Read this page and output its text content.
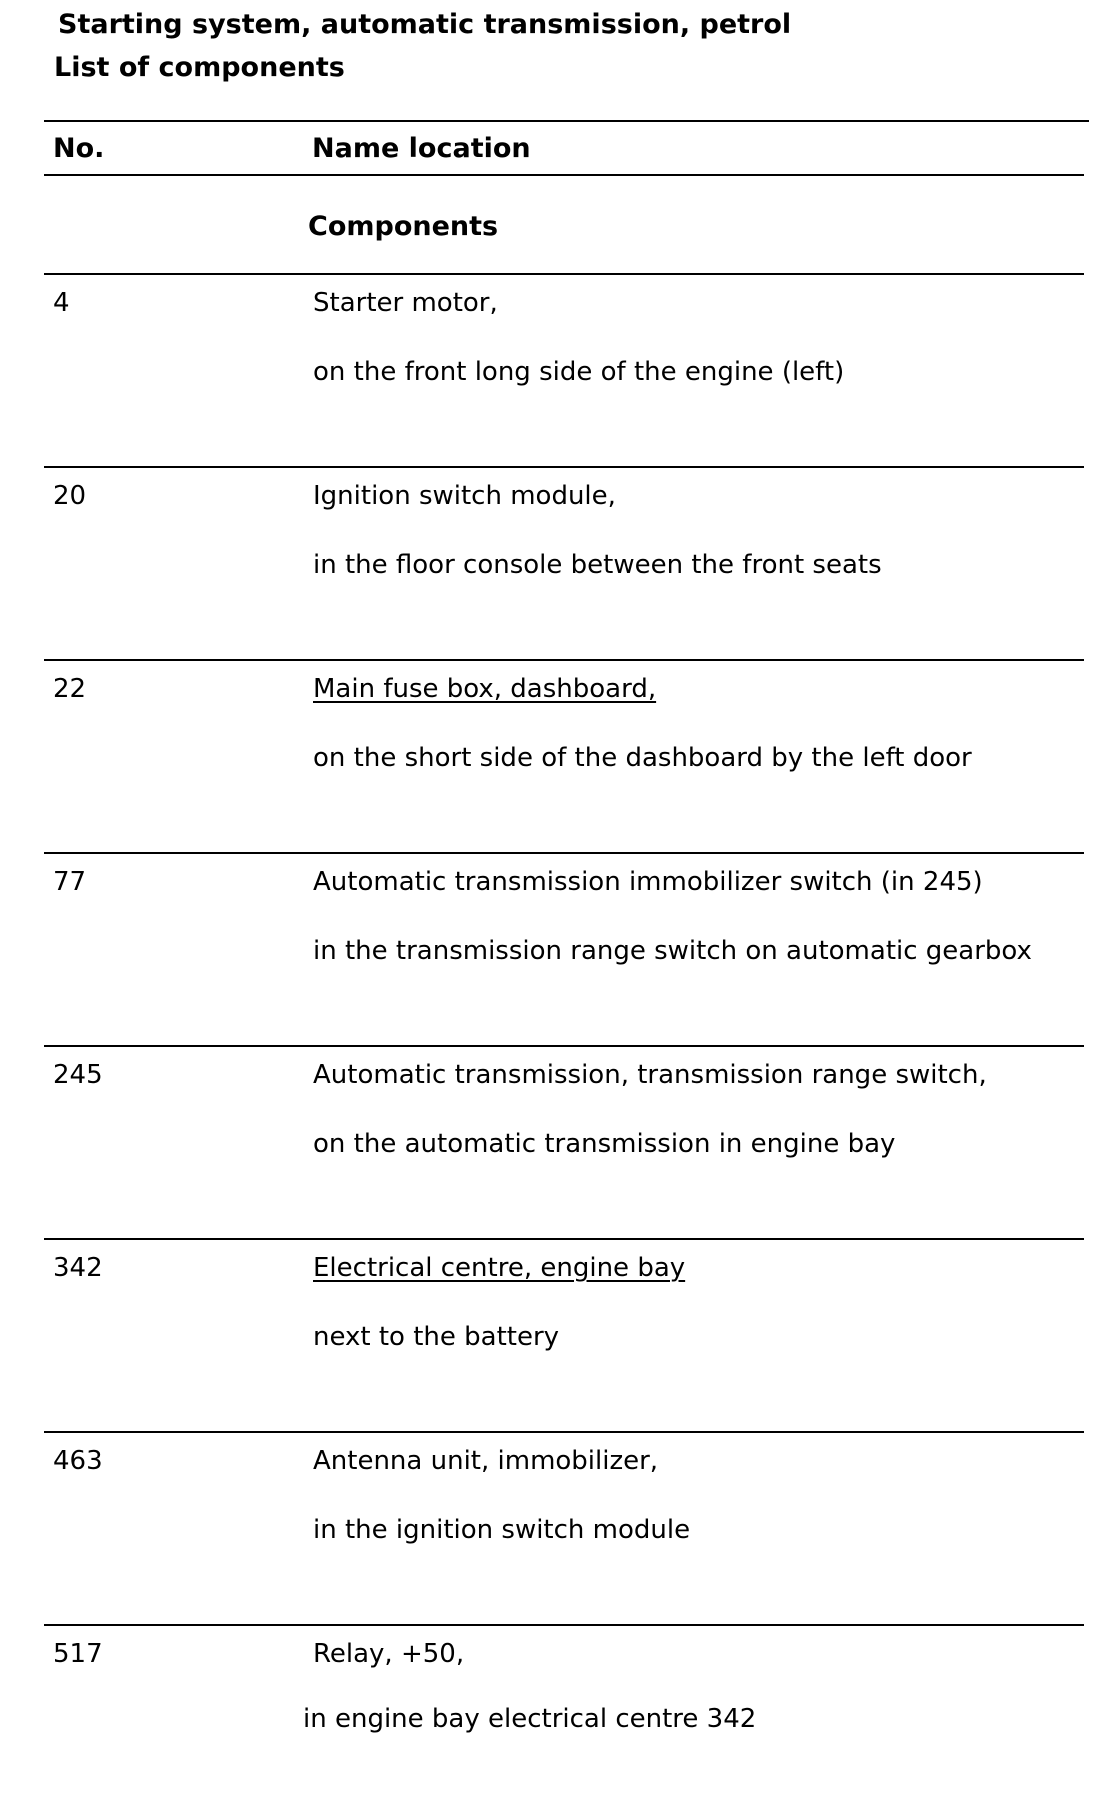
Starting system, automatic transmission, petrol
List of components
No.	Name location
Components
4	Starter motor,
on the front long side of the engine (left)
20	Ignition switch module,
in the floor console between the front seats
22	Main fuse box, dashboard,
on the short side of the dashboard by the left door
77	Automatic transmission immobilizer switch (in 245)
in the transmission range switch on automatic gearbox
245	Automatic transmission, transmission range switch,
on the automatic transmission in engine bay
342	Electrical centre, engine bay
next to the battery
463	Antenna unit, immobilizer,
in the ignition switch module
517	Relay, +50,
in engine bay electrical centre 342
